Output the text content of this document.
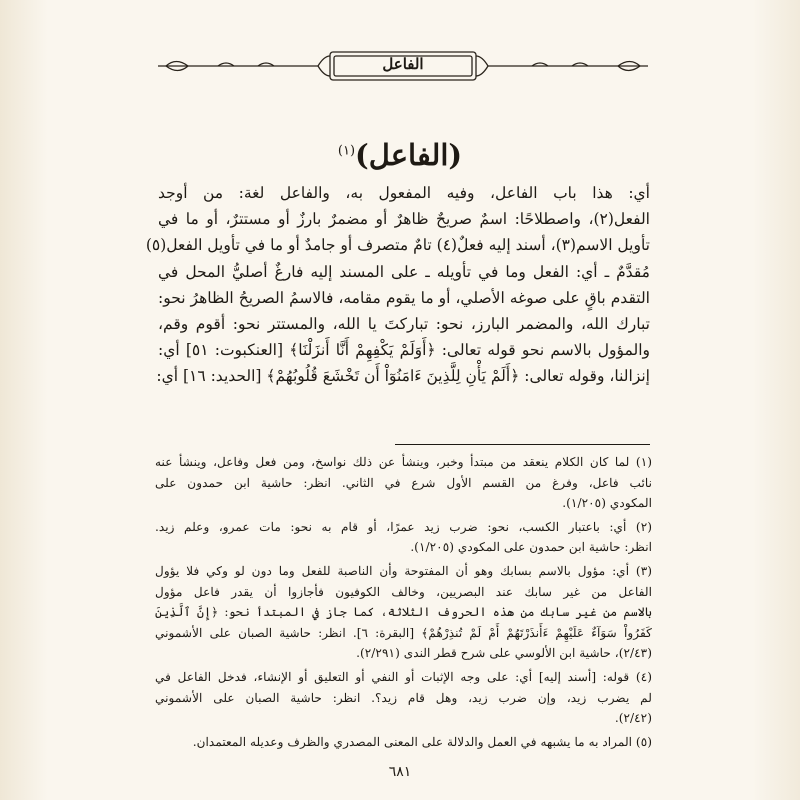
الفاعل
(الفاعل)$^{(١)}$
أي: هذا باب الفاعل، وفيه المفعول به، والفاعل لغة: من أوجد
الفعل(٢)، واصطلاحًا: اسمٌ صريحٌ ظاهرٌ أو مضمرٌ بارزٌ أو مستترٌ، أو ما في
تأويل الاسم(٣)، أسند إليه فعلٌ(٤) تامٌ متصرف أو جامدٌ أو ما في تأويل الفعل(٥)
مُقدَّمٌ ـ أي: الفعل وما في تأويله ـ على المسند إليه فارغٌ أصليُّ المحل في
التقدم باقٍ على صوغه الأصلي، أو ما يقوم مقامه، فالاسمُ الصريحُ الظاهرُ نحو:
تبارك الله، والمضمر البارز، نحو: تباركتَ يا الله، والمستتر نحو: أقوم وقم،
والمؤول بالاسم نحو قوله تعالى: ﴿أَوَلَمْ يَكْفِهِمْ أَنَّا أَنزَلْنَا﴾ [العنكبوت: ٥١] أي:
إنزالنا، وقوله تعالى: ﴿أَلَمْ يَأْنِ لِلَّذِينَ ءَامَنُوٓاْ أَن تَخْشَعَ قُلُوبُهُمْ﴾ [الحديد: ١٦] أي:
(١) لما كان الكلام ينعقد من مبتدأ وخبر، وينشأ عن ذلك نواسخ، ومن فعل وفاعل، وينشأ عنه
نائب فاعل، وفرغ من القسم الأول شرع في الثاني. انظر: حاشية ابن حمدون على
المكودي (١/٢٠٥).
(٢) أي: باعتبار الكسب، نحو: ضرب زيد عمرًا، أو قام به نحو: مات عمرو، وعلم زيد.
انظر: حاشية ابن حمدون على المكودي (١/٢٠٥).
(٣) أي: مؤول بالاسم بسابك وهو أن المفتوحة وأن الناصبة للفعل وما دون لو وكي فلا يؤول
الفاعل من غير سابك عند البصريين، وخالف الكوفيون فأجازوا أن يقدر فاعل مؤول
بالاسم من غير سابك من هذه الحروف الثلاثة، كما جاز في المبتدأ نحو: ﴿إِنَّ ٱلَّذِينَ
كَفَرُواْ سَوَآءٌ عَلَيْهِمْ ءَأَنذَرْتَهُمْ أَمْ لَمْ تُنذِرْهُمْ﴾ [البقرة: ٦]. انظر: حاشية الصبان على الأشموني
(٢/٤٣)، حاشية ابن الألوسي على شرح قطر الندى (٢/٢٩١).
(٤) قوله: [أسند إليه] أي: على وجه الإثبات أو النفي أو التعليق أو الإنشاء، فدخل الفاعل في
لم يضرب زيد، وإن ضرب زيد، وهل قام زيد؟. انظر: حاشية الصبان على الأشموني
(٢/٤٢).
(٥) المراد به ما يشبهه في العمل والدلالة على المعنى المصدري والظرف وعديله المعتمدان.
٦٨١
